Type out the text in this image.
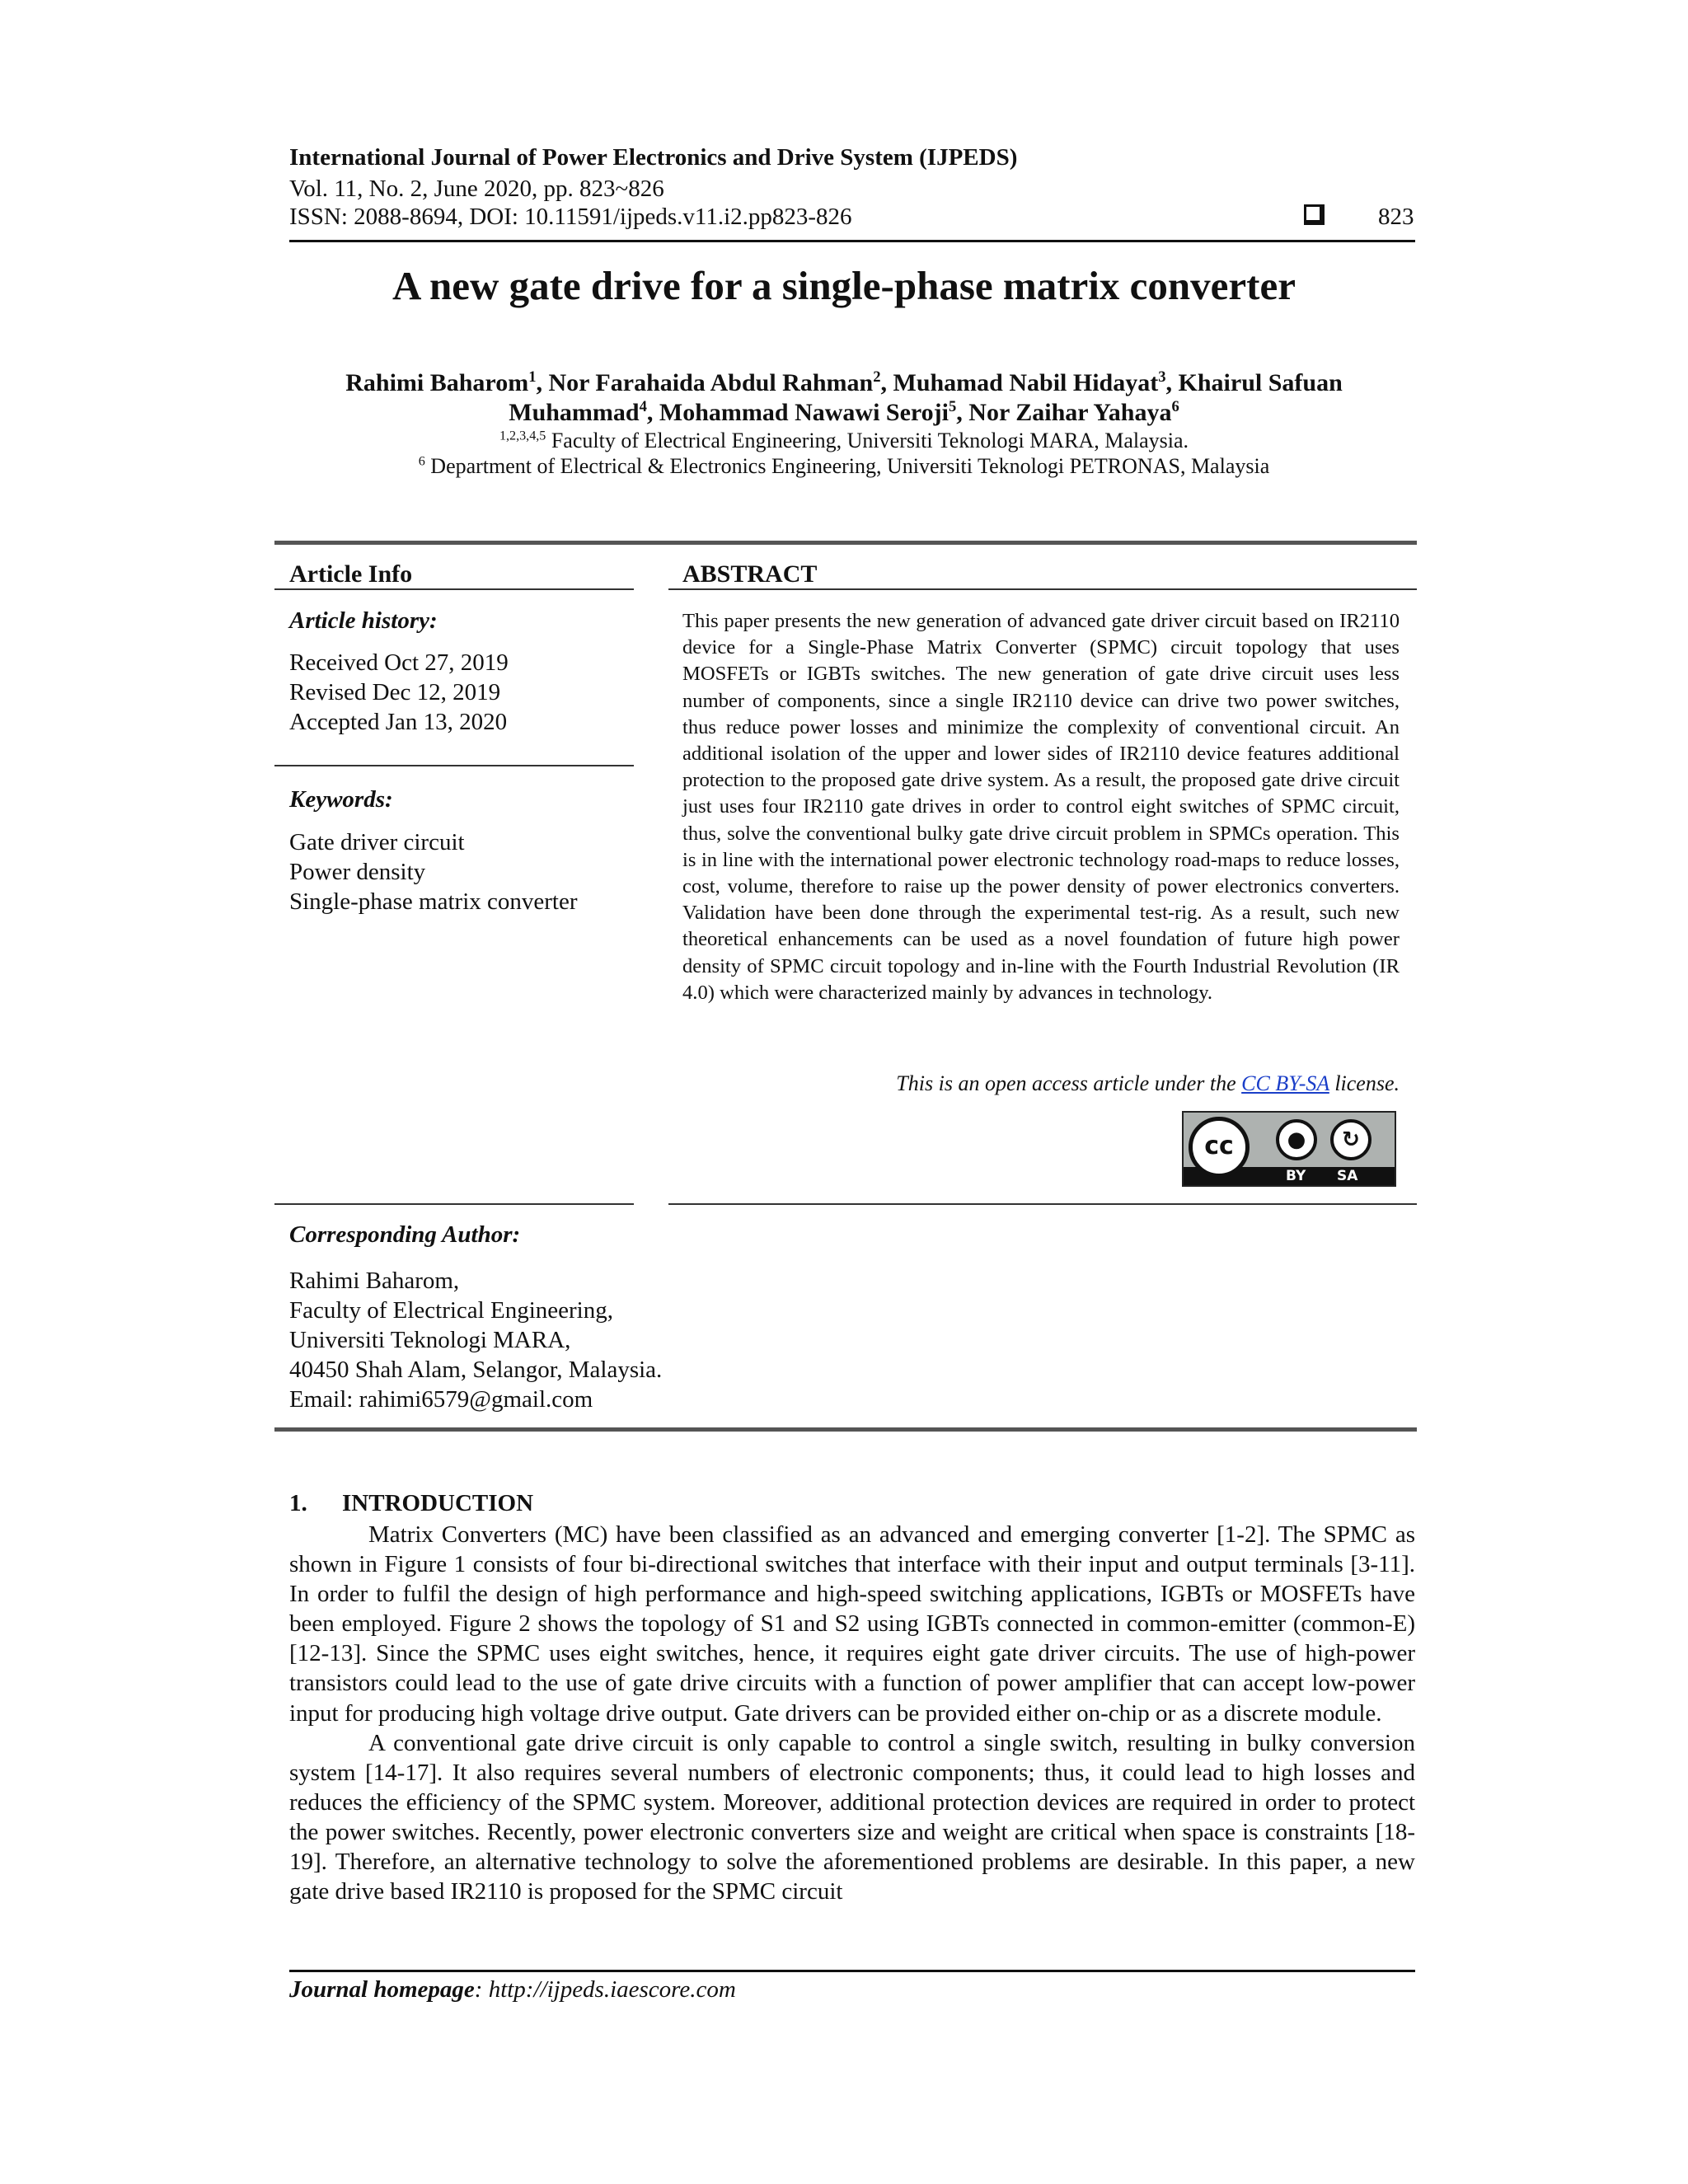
International Journal of Power Electronics and Drive System (IJPEDS)
Vol. 11, No. 2, June 2020, pp. 823~826
ISSN: 2088-8694, DOI: 10.11591/ijpeds.v11.i2.pp823-826	823
A new gate drive for a single-phase matrix converter
Rahimi Baharom$^1$, Nor Farahaida Abdul Rahman$^2$, Muhamad Nabil Hidayat$^3$, Khairul Safuan
Muhammad$^4$, Mohammad Nawawi Seroji$^5$, Nor Zaihar Yahaya$^6$
$^{1,2,3,4,5}$ Faculty of Electrical Engineering, Universiti Teknologi MARA, Malaysia.
$^6$ Department of Electrical & Electronics Engineering, Universiti Teknologi PETRONAS, Malaysia
Article Info
Article history:
Received Oct 27, 2019
Revised Dec 12, 2019
Accepted Jan 13, 2020
Keywords:
Gate driver circuit
Power density
Single-phase matrix converter
ABSTRACT
This paper presents the new generation of advanced gate driver circuit based on IR2110 device for a Single-Phase Matrix Converter (SPMC) circuit topology that uses MOSFETs or IGBTs switches. The new generation of gate drive circuit uses less number of components, since a single IR2110 device can drive two power switches, thus reduce power losses and minimize the complexity of conventional circuit. An additional isolation of the upper and lower sides of IR2110 device features additional protection to the proposed gate drive system. As a result, the proposed gate drive circuit just uses four IR2110 gate drives in order to control eight switches of SPMC circuit, thus, solve the conventional bulky gate drive circuit problem in SPMCs operation. This is in line with the international power electronic technology road-maps to reduce losses, cost, volume, therefore to raise up the power density of power electronics converters. Validation have been done through the experimental test-rig. As a result, such new theoretical enhancements can be used as a novel foundation of future high power density of SPMC circuit topology and in-line with the Fourth Industrial Revolution (IR 4.0) which were characterized mainly by advances in technology.
This is an open access article under the CC BY-SA license.
cc	●	↻
BY SA
Corresponding Author:
Rahimi Baharom,
Faculty of Electrical Engineering,
Universiti Teknologi MARA,
40450 Shah Alam, Selangor, Malaysia.
Email: rahimi6579@gmail.com
1. INTRODUCTION

Matrix Converters (MC) have been classified as an advanced and emerging converter [1-2]. The SPMC as shown in Figure 1 consists of four bi-directional switches that interface with their input and output terminals [3-11]. In order to fulfil the design of high performance and high-speed switching applications, IGBTs or MOSFETs have been employed. Figure 2 shows the topology of S1 and S2 using IGBTs connected in common-emitter (common-E) [12-13]. Since the SPMC uses eight switches, hence, it requires eight gate driver circuits. The use of high-power transistors could lead to the use of gate drive circuits with a function of power amplifier that can accept low-power input for producing high voltage drive output. Gate drivers can be provided either on-chip or as a discrete module.

A conventional gate drive circuit is only capable to control a single switch, resulting in bulky conversion system [14-17]. It also requires several numbers of electronic components; thus, it could lead to high losses and reduces the efficiency of the SPMC system. Moreover, additional protection devices are required in order to protect the power switches. Recently, power electronic converters size and weight are critical when space is constraints [18-19]. Therefore, an alternative technology to solve the aforementioned problems are desirable. In this paper, a new gate drive based IR2110 is proposed for the SPMC circuit

Journal homepage: http://ijpeds.iaescore.com
